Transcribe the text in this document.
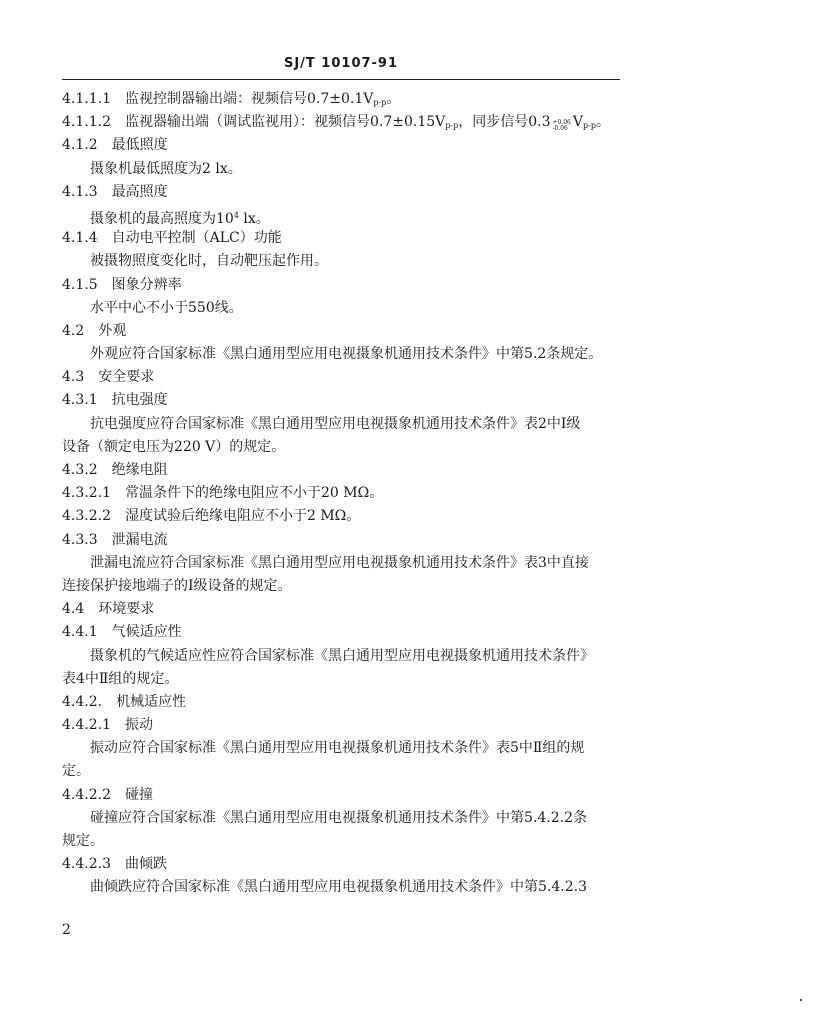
SJ/T 10107-91
4.1.1.1 监视控制器输出端：视频信号$0.7\pm 0.1V_{p-p}$。
4.1.1.2 监视器输出端（调试监视用）：视频信号$0.7\pm 0.15V_{p-p}$，同步信号0.3 +0.06
-0.06 $V_{p-p}$。
4.1.2 最低照度
摄象机最低照度为2 lx。
4.1.3 最高照度
摄象机的最高照度为$10^4$ lx。
4.1.4 自动电平控制（ALC）功能
被摄物照度变化时，自动靶压起作用。
4.1.5 图象分辨率
水平中心不小于550线。
4.2 外观
外观应符合国家标准《黑白通用型应用电视摄象机通用技术条件》中第5.2条规定。
4.3 安全要求
4.3.1 抗电强度
抗电强度应符合国家标准《黑白通用型应用电视摄象机通用技术条件》表2中Ⅰ级
设备（额定电压为220 V）的规定。
4.3.2 绝缘电阻
4.3.2.1 常温条件下的绝缘电阻应不小于20 MΩ。
4.3.2.2 湿度试验后绝缘电阻应不小于2 MΩ。
4.3.3 泄漏电流
泄漏电流应符合国家标准《黑白通用型应用电视摄象机通用技术条件》表3中直接
连接保护接地端子的Ⅰ级设备的规定。
4.4 环境要求
4.4.1 气候适应性
摄象机的气候适应性应符合国家标准《黑白通用型应用电视摄象机通用技术条件》
表4中Ⅱ组的规定。
4.4.2. 机械适应性
4.4.2.1 振动
振动应符合国家标准《黑白通用型应用电视摄象机通用技术条件》表5中Ⅱ组的规
定。
4.4.2.2 碰撞
碰撞应符合国家标准《黑白通用型应用电视摄象机通用技术条件》中第5.4.2.2条
规定。
4.4.2.3 曲倾跌
曲倾跌应符合国家标准《黑白通用型应用电视摄象机通用技术条件》中第5.4.2.3
2
